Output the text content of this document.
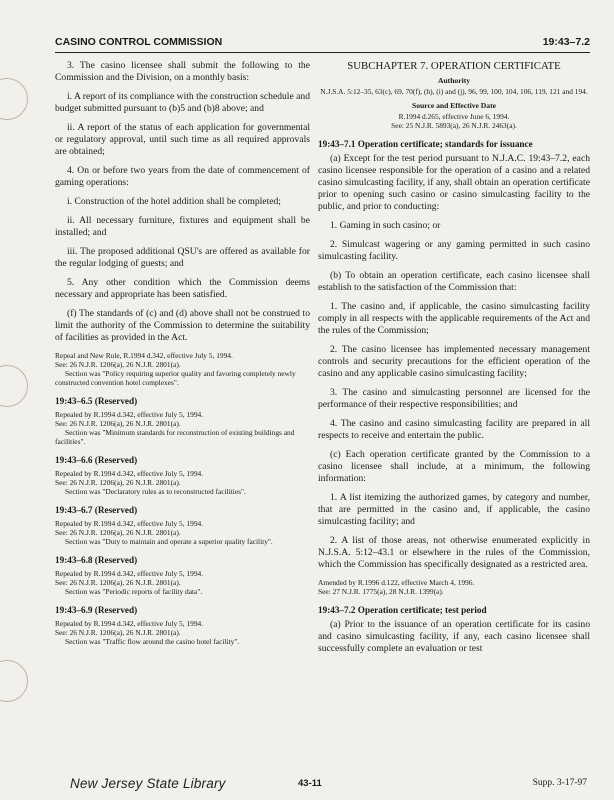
CASINO CONTROL COMMISSION	19:43–7.2

3. The casino licensee shall submit the following to the Commission and the Division, on a monthly basis:

i. A report of its compliance with the construction schedule and budget submitted pursuant to (b)5 and (b)8 above; and

ii. A report of the status of each application for governmental or regulatory approval, until such time as all required approvals are obtained;

4. On or before two years from the date of commencement of gaming operations:

i. Construction of the hotel addition shall be completed;

ii. All necessary furniture, fixtures and equipment shall be installed; and

iii. The proposed additional QSU's are offered as available for the regular lodging of guests; and

5. Any other condition which the Commission deems necessary and appropriate has been satisfied.

(f) The standards of (c) and (d) above shall not be construed to limit the authority of the Commission to determine the suitability of facilities as provided in the Act.

Repeal and New Rule, R.1994 d.342, effective July 5, 1994.

See: 26 N.J.R. 1206(a), 26 N.J.R. 2801(a).

Section was "Policy requiring superior quality and favoring completely newly constructed convention hotel complexes".

19:43–6.5 (Reserved)

Repealed by R.1994 d.342, effective July 5, 1994.

See: 26 N.J.R. 1206(a), 26 N.J.R. 2801(a).

Section was "Minimum standards for reconstruction of existing buildings and facilities".

19:43–6.6 (Reserved)

Repealed by R.1994 d.342, effective July 5, 1994.

See: 26 N.J.R. 1206(a), 26 N.J.R. 2801(a).

Section was "Declaratory rules as to reconstructed facilities".

19:43–6.7 (Reserved)

Repealed by R.1994 d.342, effective July 5, 1994.

See: 26 N.J.R. 1206(a), 26 N.J.R. 2801(a).

Section was "Duty to maintain and operate a superior quality facility".

19:43–6.8 (Reserved)

Repealed by R.1994 d.342, effective July 5, 1994.

See: 26 N.J.R. 1206(a), 26 N.J.R. 2801(a).

Section was "Periodic reports of facility data".

19:43–6.9 (Reserved)

Repealed by R.1994 d.342, effective July 5, 1994.

See: 26 N.J.R. 1206(a), 26 N.J.R. 2801(a).

Section was "Traffic flow around the casino hotel facility".

SUBCHAPTER 7. OPERATION CERTIFICATE
Authority
N.J.S.A. 5:12–35, 63(c), 69, 70(f), (h), (i) and (j), 96, 99, 100, 104, 106, 119, 121 and 194.
Source and Effective Date
R.1994 d.265, effective June 6, 1994.
See: 25 N.J.R. 5893(a), 26 N.J.R. 2463(a).
19:43–7.1 Operation certificate; standards for issuance

(a) Except for the test period pursuant to N.J.A.C. 19:43–7.2, each casino licensee responsible for the operation of a casino and a related casino simulcasting facility, if any, shall obtain an operation certificate prior to opening such casino or casino simulcasting facility to the public, and prior to conducting:

1. Gaming in such casino; or

2. Simulcast wagering or any gaming permitted in such casino simulcasting facility.

(b) To obtain an operation certificate, each casino licensee shall establish to the satisfaction of the Commission that:

1. The casino and, if applicable, the casino simulcasting facility comply in all respects with the applicable requirements of the Act and the rules of the Commission;

2. The casino licensee has implemented necessary management controls and security precautions for the efficient operation of the casino and any applicable casino simulcasting facility;

3. The casino and simulcasting personnel are licensed for the performance of their respective responsibilities; and

4. The casino and casino simulcasting facility are prepared in all respects to receive and entertain the public.

(c) Each operation certificate granted by the Commission to a casino licensee shall include, at a minimum, the following information:

1. A list itemizing the authorized games, by category and number, that are permitted in the casino and, if applicable, the casino simulcasting facility; and

2. A list of those areas, not otherwise enumerated explicitly in N.J.S.A. 5:12–43.1 or elsewhere in the rules of the Commission, which the Commission has specifically designated as a restricted area.

Amended by R.1996 d.122, effective March 4, 1996.

See: 27 N.J.R. 1775(a), 28 N.J.R. 1399(a).

19:43–7.2 Operation certificate; test period

(a) Prior to the issuance of an operation certificate for its casino and casino simulcasting facility, if any, each casino licensee shall successfully complete an evaluation or test

New Jersey State Library	43-11	Supp. 3-17-97
